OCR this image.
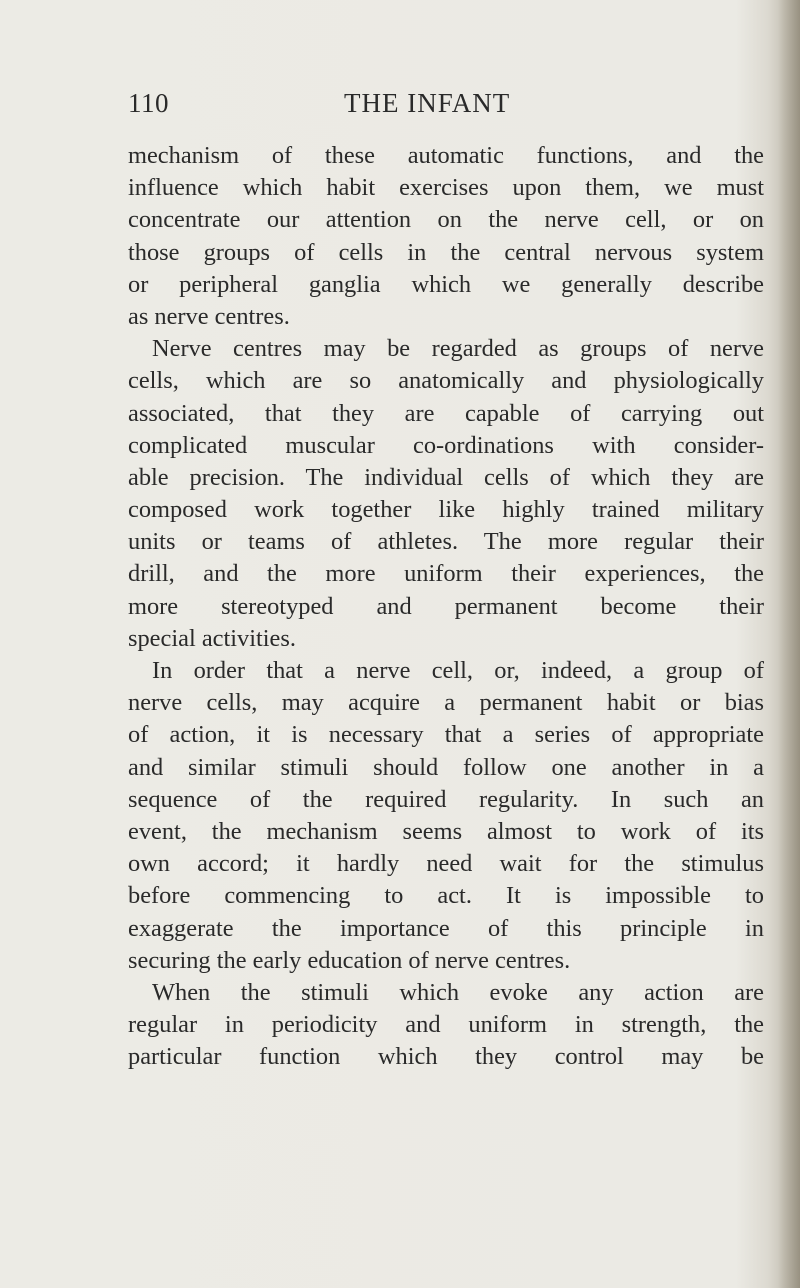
110	THE INFANT
mechanism of these automatic functions, and the
influence which habit exercises upon them, we must
concentrate our attention on the nerve cell, or on
those groups of cells in the central nervous system
or peripheral ganglia which we generally describe
as nerve centres.
Nerve centres may be regarded as groups of nerve
cells, which are so anatomically and physiologically
associated, that they are capable of carrying out
complicated muscular co-ordinations with consider-
able precision. The individual cells of which they are
composed work together like highly trained military
units or teams of athletes. The more regular their
drill, and the more uniform their experiences, the
more stereotyped and permanent become their
special activities.
In order that a nerve cell, or, indeed, a group of
nerve cells, may acquire a permanent habit or bias
of action, it is necessary that a series of appropriate
and similar stimuli should follow one another in a
sequence of the required regularity. In such an
event, the mechanism seems almost to work of its
own accord; it hardly need wait for the stimulus
before commencing to act. It is impossible to
exaggerate the importance of this principle in
securing the early education of nerve centres.
When the stimuli which evoke any action are
regular in periodicity and uniform in strength, the
particular function which they control may be
